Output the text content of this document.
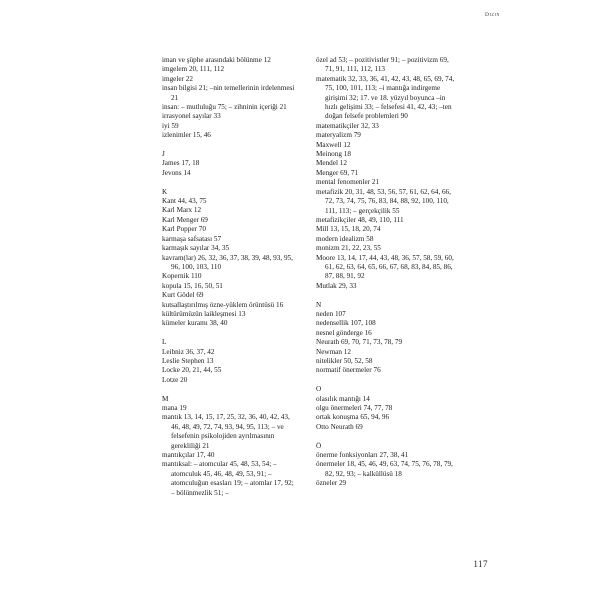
Dizin

iman ve şüphe arasındaki bölünme 12

imgelem 20, 111, 112

imgeler 22

insan bilgisi 21; –nin temellerinin irdelenmesi 21

insan: – mutluluğu 75; – zihninin içeriği 21

irrasyonel sayılar 33

iyi 59

izlenimler 15, 46

J

James 17, 18

Jevons 14

K

Kant 44, 43, 75

Karl Marx 12

Karl Menger 69

Karl Popper 70

karmaşa safsatası 57

karmaşık sayılar 34, 35

kavram(lar) 26, 32, 36, 37, 38, 39, 48, 93, 95, 96, 100, 103, 110

Kopernik 110

kopula 15, 16, 50, 51

Kurt Gödel 69

kutsallaştırılmış özne-yüklem örüntüsü 16

kültürümüzün laikleşmesi 13

kümeler kuramı 38, 40

L

Leibniz 36, 37, 42

Leslie Stephen 13

Locke 20, 21, 44, 55

Lotze 20

M

mana 19

mantık 13, 14, 15, 17, 25, 32, 36, 40, 42, 43, 46, 48, 49, 72, 74, 93, 94, 95, 113; – ve felsefenin psikolojiden ayrılmasının gerekliliği 21

mantıkçılar 17, 40

mantıksal: – atomcular 45, 48, 53, 54; – atomculuk 45, 46, 48, 49, 53, 91; – atomculuğun esasları 19; – atomlar 17, 92; – bölünmezlik 51; –

özel ad 53; – pozitivistler 91; – pozitivizm 69, 71, 91, 111, 112, 113

matematik 32, 33, 36, 41, 42, 43, 48, 65, 69, 74, 75, 100, 101, 113; –i mantığa indirgeme girişimi 32; 17. ve 18. yüzyıl boyunca –in hızlı gelişimi 33; – felsefesi 41, 42, 43; –ten doğan felsefe problemleri 90

matematikçiler 32, 33

materyalizm 79

Maxwell 12

Meinong 18

Mendel 12

Menger 69, 71

mental fenomenler 21

metafizik 20, 31, 48, 53, 56, 57, 61, 62, 64, 66, 72, 73, 74, 75, 76, 83, 84, 88, 92, 100, 110, 111, 113; – gerçekçilik 55

metafizikçiler 48, 49, 110, 111

Mill 13, 15, 18, 20, 74

modern idealizm 58

monizm 21, 22, 23, 55

Moore 13, 14, 17, 44, 43, 48, 36, 57, 58, 59, 60, 61, 62, 63, 64, 65, 66, 67, 68, 83, 84, 85, 86, 87, 88, 91, 92

Mutlak 29, 33

N

neden 107

nedensellik 107, 108

nesnel gönderge 16

Neurath 69, 70, 71, 73, 78, 79

Newman 12

nitelikler 50, 52, 58

normatif önermeler 76

O

olasılık mantığı 14

olgu önermeleri 74, 77, 78

ortak konuşma 65, 94, 96

Otto Neurath 69

Ö

önerme fonksiyonları 27, 38, 41

önermeler 18, 45, 46, 49, 63, 74, 75, 76, 78, 79, 82, 92, 93; – kalküllüsü 18

özneler 29

117
